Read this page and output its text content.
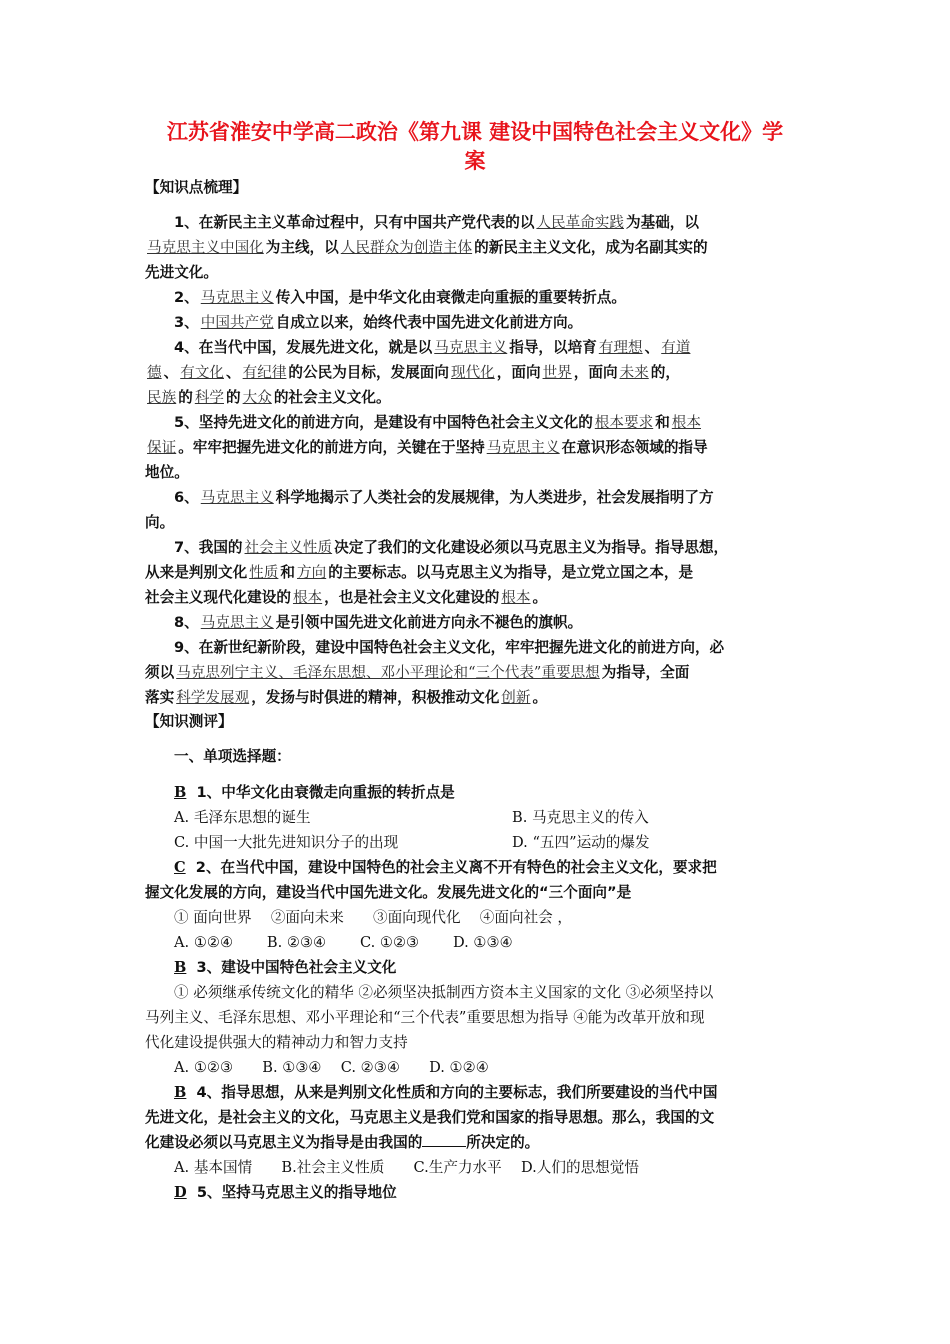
江苏省淮安中学高二政治《第九课 建设中国特色社会主义文化》学
案
【知识点梳理】
1、在新民主主义革命过程中，只有中国共产党代表的以 人民革命实践 为基础，以
马克思主义中国化 为主线，以 人民群众为创造主体 的新民主主义文化，成为名副其实的
先进文化。
2、 马克思主义 传入中国，是中华文化由衰微走向重振的重要转折点。
3、 中国共产党 自成立以来，始终代表中国先进文化前进方向。
4、在当代中国，发展先进文化，就是以 马克思主义 指导，以培育 有理想 、 有道
德 、 有文化 、 有纪律 的公民为目标，发展面向 现代化 ，面向 世界 ，面向 未来 的，
民族 的 科学 的 大众 的社会主义文化。
5、坚持先进文化的前进方向，是建设有中国特色社会主义文化的 根本要求 和 根本
保证 。牢牢把握先进文化的前进方向，关键在于坚持 马克思主义 在意识形态领域的指导
地位。
6、 马克思主义 科学地揭示了人类社会的发展规律，为人类进步，社会发展指明了方
向。
7、我国的 社会主义性质 决定了我们的文化建设必须以马克思主义为指导。指导思想，
从来是判别文化 性质 和 方向 的主要标志。以马克思主义为指导，是立党立国之本，是
社会主义现代化建设的 根本 ，也是社会主义文化建设的 根本 。
8、 马克思主义 是引领中国先进文化前进方向永不褪色的旗帜。
9、在新世纪新阶段，建设中国特色社会主义文化，牢牢把握先进文化的前进方向，必
须以 马克思列宁主义、毛泽东思想、邓小平理论和“三个代表”重要思想 为指导，全面
落实 科学发展观 ，发扬与时俱进的精神，积极推动文化 创新 。
【知识测评】
一、单项选择题：
B 1、中华文化由衰微走向重振的转折点是
A. 毛泽东思想的诞生	B. 马克思主义的传入
C. 中国一大批先进知识分子的出现	D. “五四”运动的爆发
C 2、在当代中国，建设中国特色的社会主义离不开有特色的社会主义文化，要求把
握文化发展的方向，建设当代中国先进文化。发展先进文化的“三个面向”是
① 面向世界　 ②面向未来　　③面向现代化　 ④面向社会 ，
A. ①②④　　 B. ②③④　　 C. ①②③　　 D. ①③④
B 3、建设中国特色社会主义文化
① 必须继承传统文化的精华 ②必须坚决抵制西方资本主义国家的文化 ③必须坚持以
马列主义、毛泽东思想、邓小平理论和“三个代表”重要思想为指导 ④能为改革开放和现
代化建设提供强大的精神动力和智力支持
A. ①②③　　B. ①③④　 C. ②③④　　D. ①②④
B 4、指导思想，从来是判别文化性质和方向的主要标志，我们所要建设的当代中国
先进文化，是社会主义的文化，马克思主义是我们党和国家的指导思想。那么，我国的文
化建设必须以马克思主义为指导是由我国的	所决定的。
A. 基本国情　　B.社会主义性质　　C.生产力水平　 D.人们的思想觉悟
D 5、坚持马克思主义的指导地位
